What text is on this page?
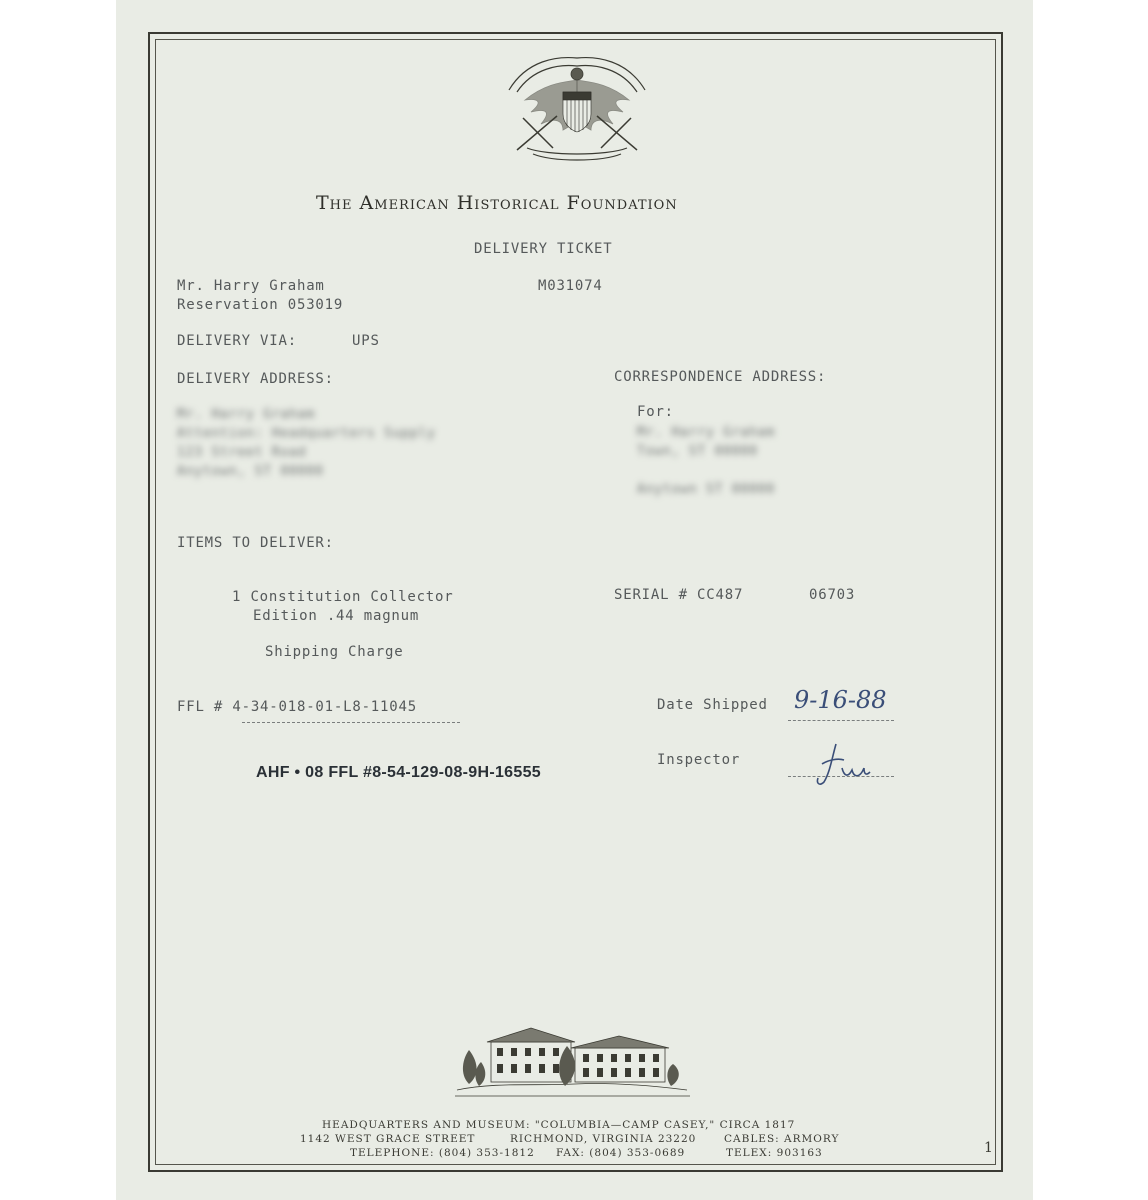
The American Historical Foundation
DELIVERY TICKET
Mr. Harry Graham
Reservation 053019
M031074
DELIVERY VIA:	UPS
DELIVERY ADDRESS:	CORRESPONDENCE ADDRESS:
Mr. Harry Graham
Attention: Headquarters Supply
123 Street Road
Anytown, ST 00000
For:
Mr. Harry Graham
Town, ST 00000
Anytown ST 00000
ITEMS TO DELIVER:
1 Constitution Collector
Edition .44 magnum
SERIAL # CC487	06703
Shipping Charge
FFL # 4-34-018-01-L8-11045
AHF • 08 FFL #8-54-129-08-9H-16555
Date Shipped 9-16-88
Inspector
HEADQUARTERS AND MUSEUM: "COLUMBIA—CAMP CASEY," CIRCA 1817
1142 WEST GRACE STREET	RICHMOND, VIRGINIA 23220	CABLES: ARMORY
TELEPHONE: (804) 353-1812 FAX: (804) 353-0689	TELEX: 903163	1
